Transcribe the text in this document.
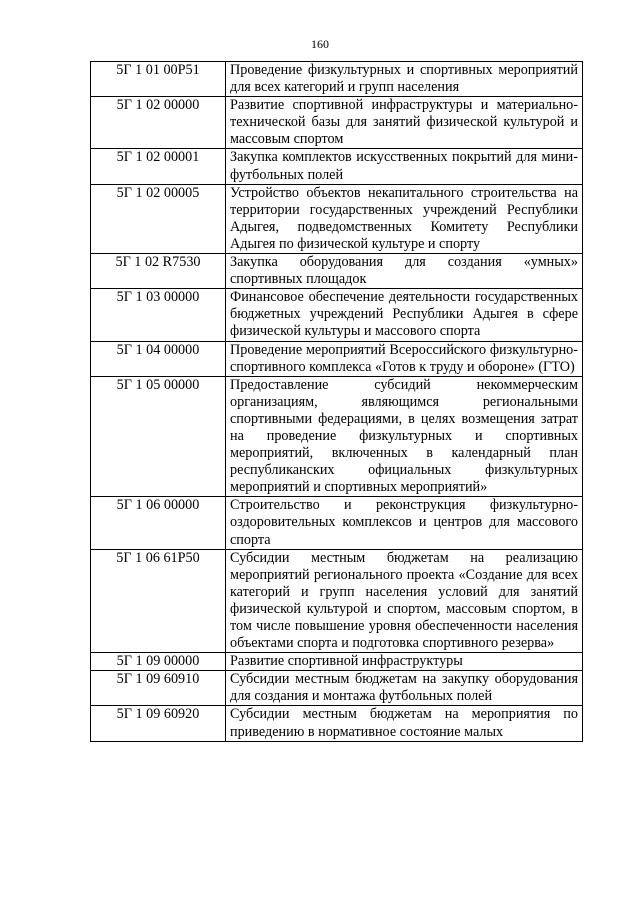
160
5Г 1 01 00Р51	Проведение физкультурных и спортивных мероприятий для всех категорий и групп населения
5Г 1 02 00000	Развитие спортивной инфраструктуры и материально-технической базы для занятий физической культурой и массовым спортом
5Г 1 02 00001	Закупка комплектов искусственных покрытий для мини-футбольных полей
5Г 1 02 00005	Устройство объектов некапитального строительства на территории государственных учреждений Республики Адыгея, подведомственных Комитету Республики Адыгея по физической культуре и спорту
5Г 1 02 R7530	Закупка оборудования для создания «умных» спортивных площадок
5Г 1 03 00000	Финансовое обеспечение деятельности государственных бюджетных учреждений Республики Адыгея в сфере физической культуры и массового спорта
5Г 1 04 00000	Проведение мероприятий Всероссийского физкультурно-спортивного комплекса «Готов к труду и обороне» (ГТО)
5Г 1 05 00000	Предоставление субсидий некоммерческим организациям, являющимся региональными спортивными федерациями, в целях возмещения затрат на проведение физкультурных и спортивных мероприятий, включенных в календарный план республиканских официальных физкультурных мероприятий и спортивных мероприятий»
5Г 1 06 00000	Строительство и реконструкция физкультурно-оздоровительных комплексов и центров для массового спорта
5Г 1 06 61Р50	Субсидии местным бюджетам на реализацию мероприятий регионального проекта «Создание для всех категорий и групп населения условий для занятий физической культурой и спортом, массовым спортом, в том числе повышение уровня обеспеченности населения объектами спорта и подготовка спортивного резерва»
5Г 1 09 00000	Развитие спортивной инфраструктуры
5Г 1 09 60910	Субсидии местным бюджетам на закупку оборудования для создания и монтажа футбольных полей
5Г 1 09 60920	Субсидии местным бюджетам на мероприятия по приведению в нормативное состояние малых
